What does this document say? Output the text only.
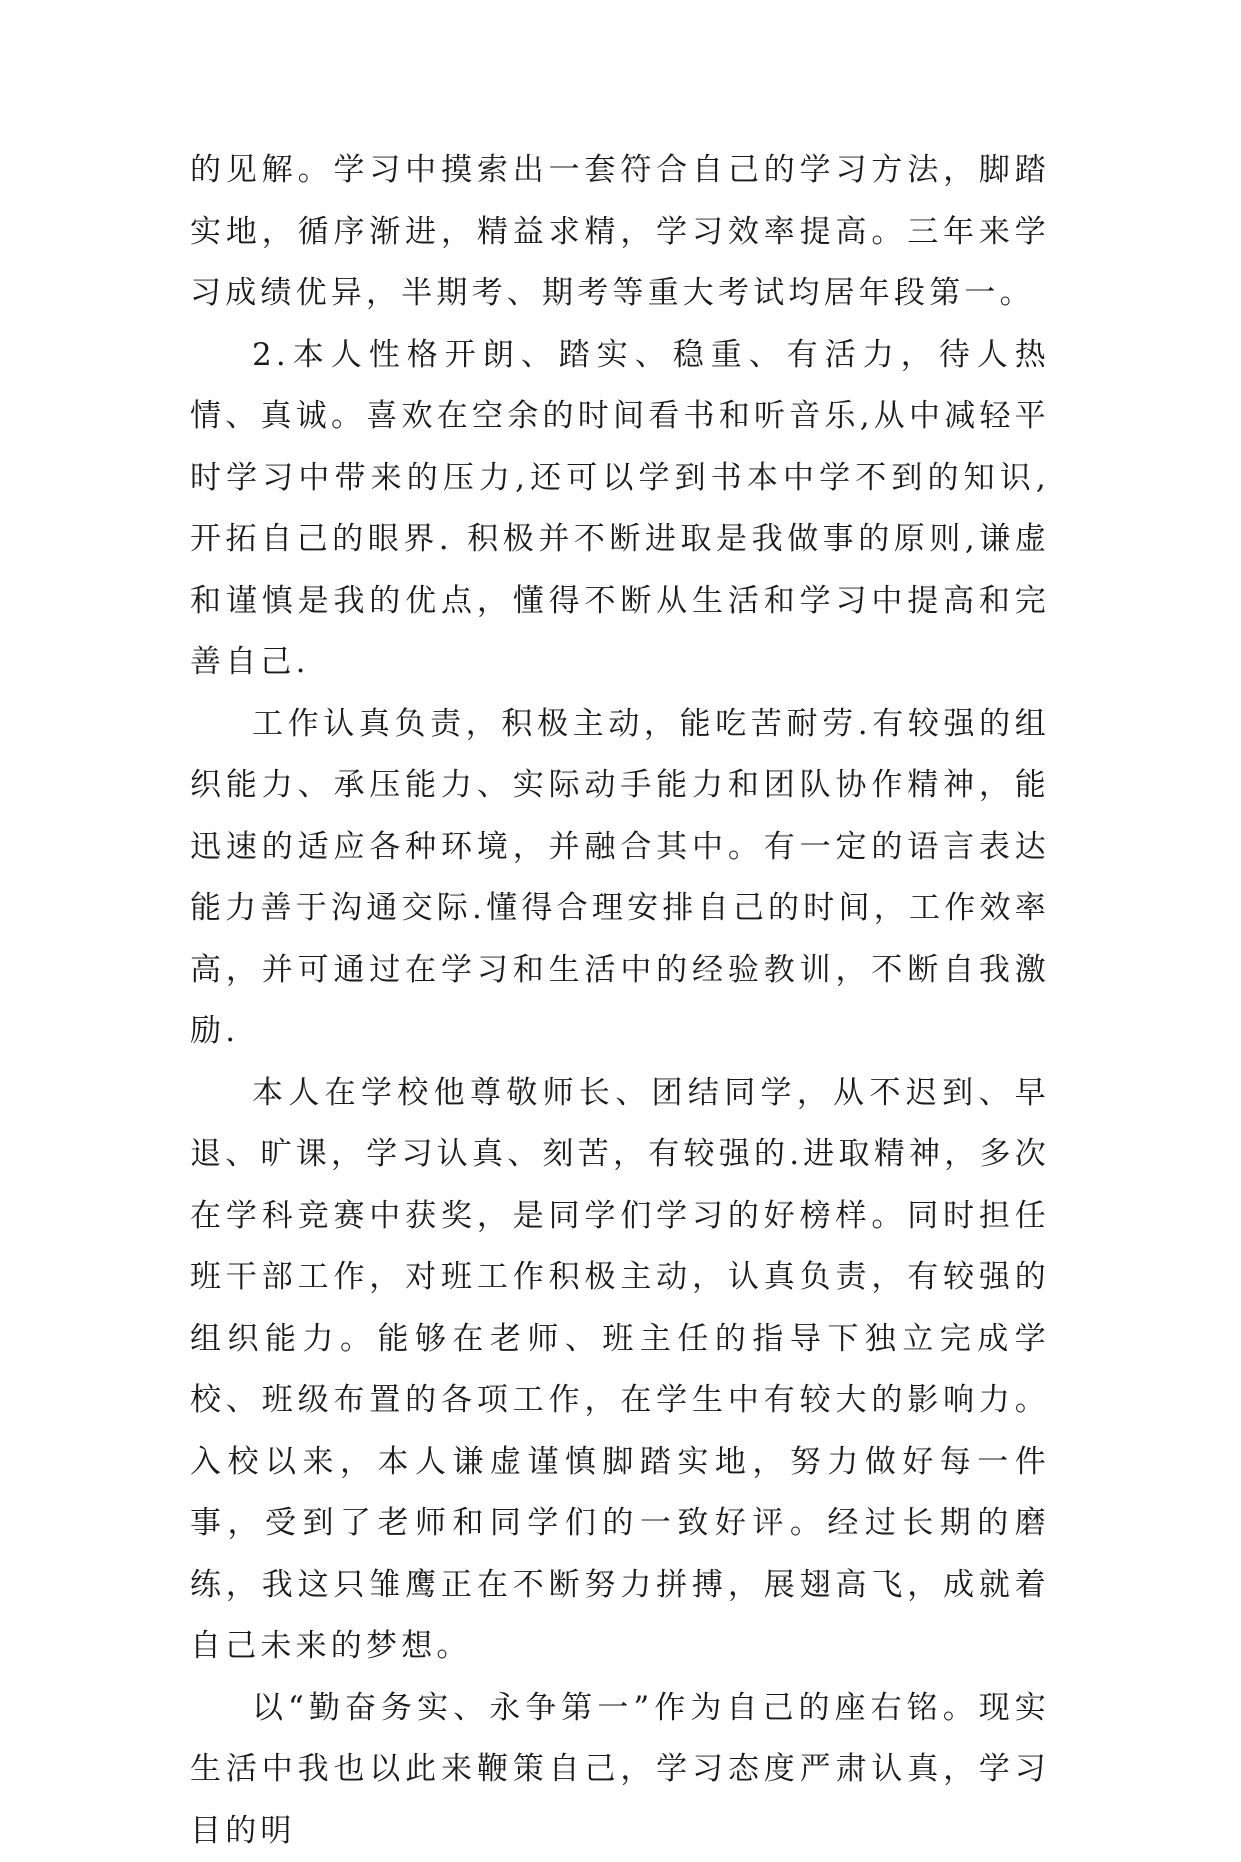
的见解。学习中摸索出一套符合自己的学习方法，脚踏实地，循序渐进，精益求精，学习效率提高。三年来学习成绩优异，半期考、期考等重大考试均居年段第一。

2.本人性格开朗、踏实、稳重、有活力，待人热情、真诚。喜欢在空余的时间看书和听音乐,从中减轻平时学习中带来的压力,还可以学到书本中学不到的知识,开拓自己的眼界. 积极并不断进取是我做事的原则,谦虚和谨慎是我的优点，懂得不断从生活和学习中提高和完善自己.

工作认真负责，积极主动，能吃苦耐劳.有较强的组织能力、承压能力、实际动手能力和团队协作精神，能迅速的适应各种环境，并融合其中。有一定的语言表达能力善于沟通交际.懂得合理安排自己的时间，工作效率高，并可通过在学习和生活中的经验教训，不断自我激励.

本人在学校他尊敬师长、团结同学，从不迟到、早退、旷课，学习认真、刻苦，有较强的.进取精神，多次在学科竞赛中获奖，是同学们学习的好榜样。同时担任班干部工作，对班工作积极主动，认真负责，有较强的组织能力。能够在老师、班主任的指导下独立完成学校、班级布置的各项工作，在学生中有较大的影响力。入校以来，本人谦虚谨慎脚踏实地，努力做好每一件事，受到了老师和同学们的一致好评。经过长期的磨练，我这只雏鹰正在不断努力拼搏，展翅高飞，成就着自己未来的梦想。

以“勤奋务实、永争第一”作为自己的座右铭。现实生活中我也以此来鞭策自己，学习态度严肃认真，学习目的明
